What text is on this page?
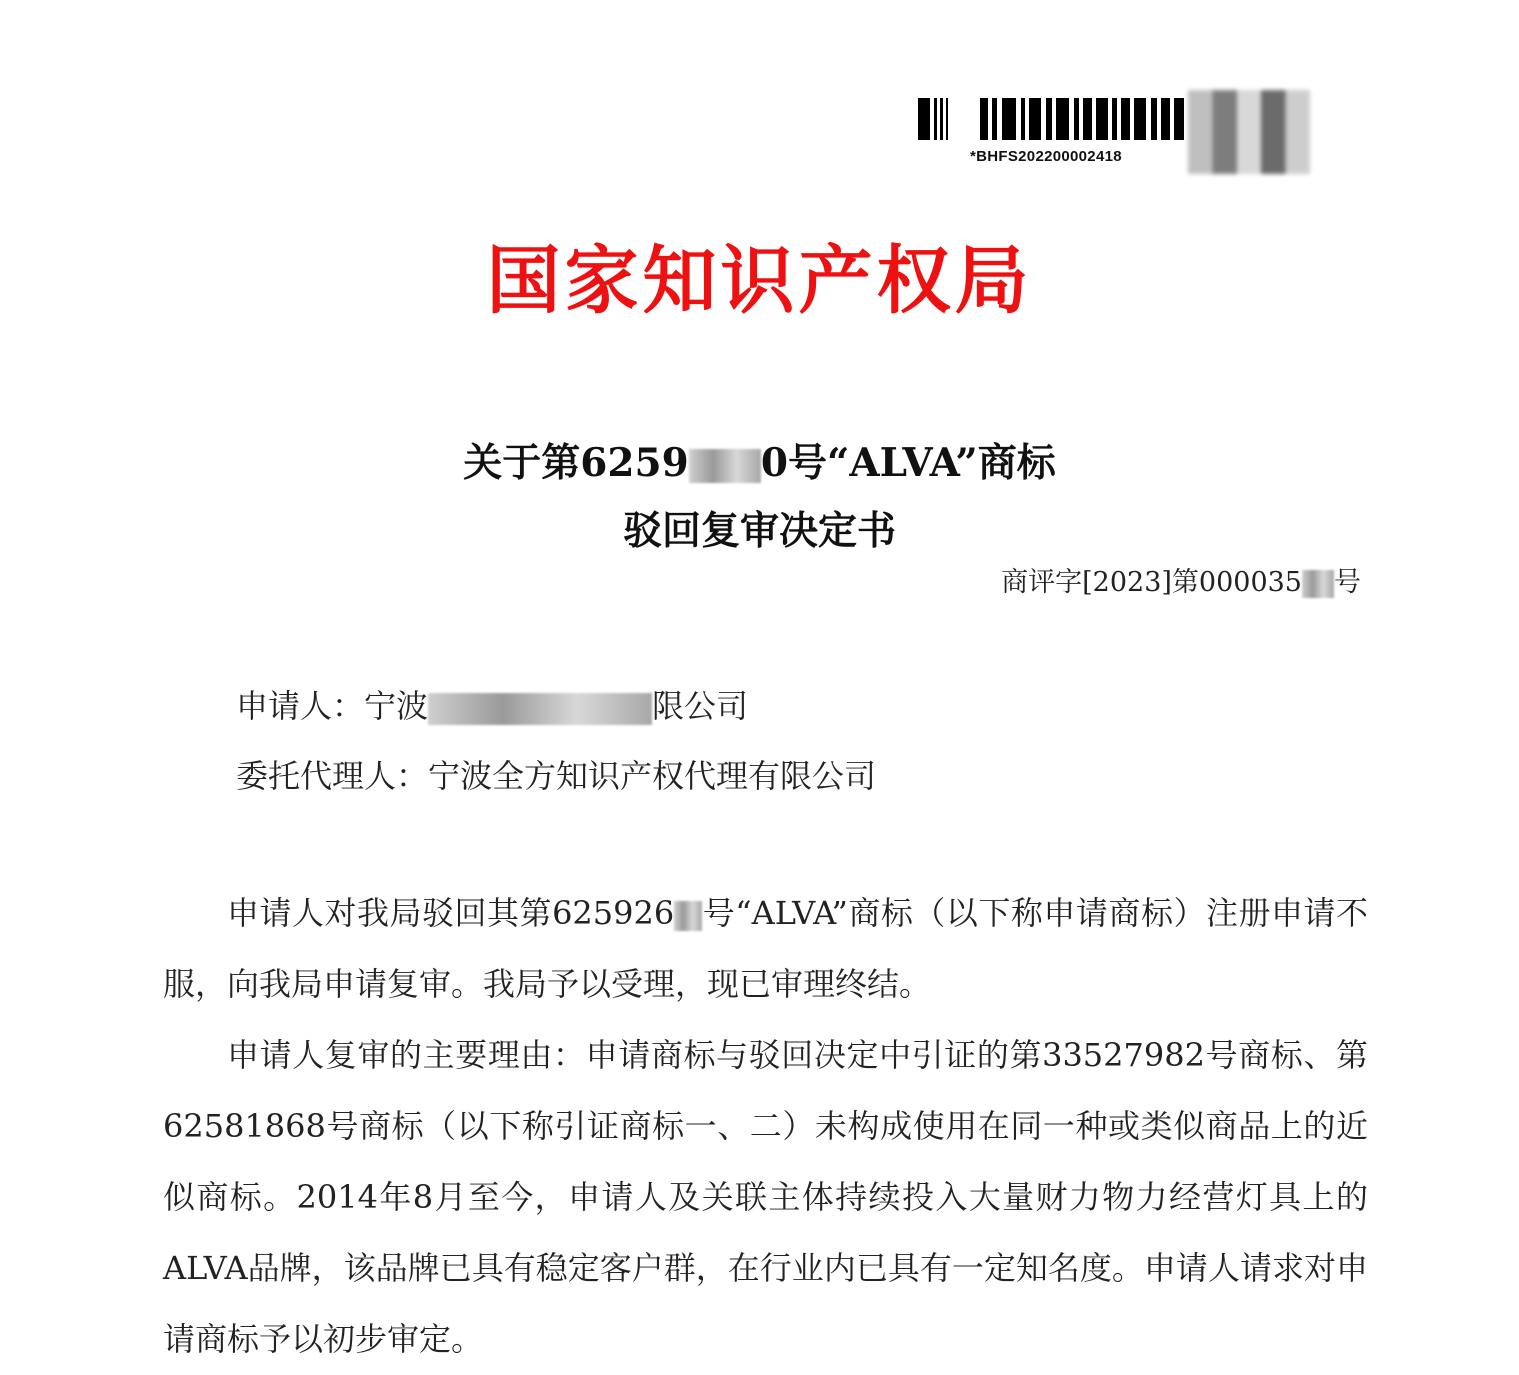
*BHFS202200002418
国家知识产权局
关于第6259 0号“ALVA”商标
驳回复审决定书
商评字[2023]第000035 号
申请人：宁波	限公司
委托代理人：宁波全方知识产权代理有限公司
申请人对我局驳回其第625926 号“ALVA”商标（以下称申请商标）注册申请不服，向我局申请复审。我局予以受理，现已审理终结。
申请人复审的主要理由：申请商标与驳回决定中引证的第33527982号商标、第62581868号商标（以下称引证商标一、二）未构成使用在同一种或类似商品上的近似商标。2014年8月至今，申请人及关联主体持续投入大量财力物力经营灯具上的ALVA品牌，该品牌已具有稳定客户群，在行业内已具有一定知名度。申请人请求对申请商标予以初步审定。
